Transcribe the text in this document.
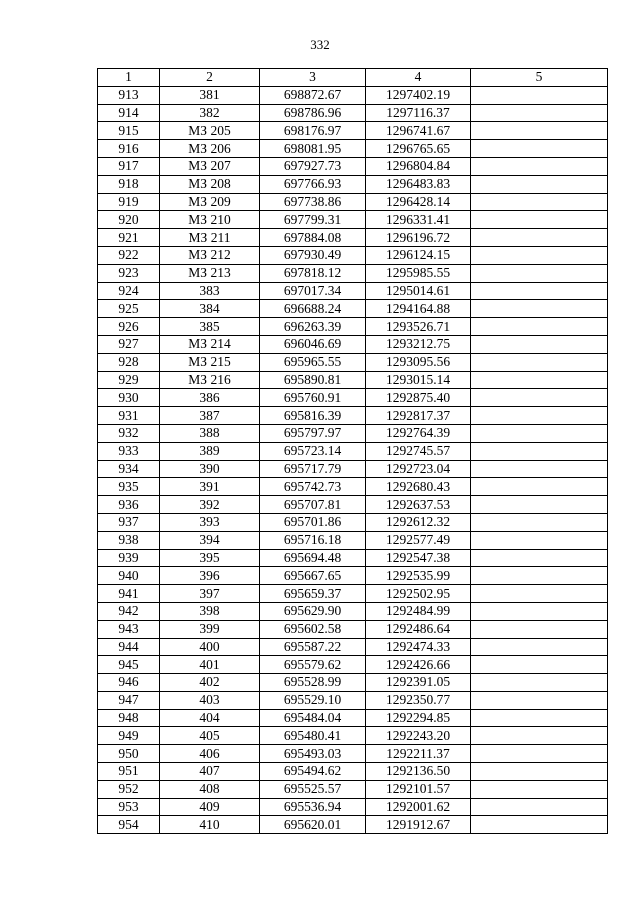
332
1	2	3	4	5
913	381	698872.67	1297402.19	
914	382	698786.96	1297116.37	
915	МЗ 205	698176.97	1296741.67	
916	МЗ 206	698081.95	1296765.65	
917	МЗ 207	697927.73	1296804.84	
918	МЗ 208	697766.93	1296483.83	
919	МЗ 209	697738.86	1296428.14	
920	МЗ 210	697799.31	1296331.41	
921	МЗ 211	697884.08	1296196.72	
922	МЗ 212	697930.49	1296124.15	
923	МЗ 213	697818.12	1295985.55	
924	383	697017.34	1295014.61	
925	384	696688.24	1294164.88	
926	385	696263.39	1293526.71	
927	МЗ 214	696046.69	1293212.75	
928	МЗ 215	695965.55	1293095.56	
929	МЗ 216	695890.81	1293015.14	
930	386	695760.91	1292875.40	
931	387	695816.39	1292817.37	
932	388	695797.97	1292764.39	
933	389	695723.14	1292745.57	
934	390	695717.79	1292723.04	
935	391	695742.73	1292680.43	
936	392	695707.81	1292637.53	
937	393	695701.86	1292612.32	
938	394	695716.18	1292577.49	
939	395	695694.48	1292547.38	
940	396	695667.65	1292535.99	
941	397	695659.37	1292502.95	
942	398	695629.90	1292484.99	
943	399	695602.58	1292486.64	
944	400	695587.22	1292474.33	
945	401	695579.62	1292426.66	
946	402	695528.99	1292391.05	
947	403	695529.10	1292350.77	
948	404	695484.04	1292294.85	
949	405	695480.41	1292243.20	
950	406	695493.03	1292211.37	
951	407	695494.62	1292136.50	
952	408	695525.57	1292101.57	
953	409	695536.94	1292001.62	
954	410	695620.01	1291912.67	
